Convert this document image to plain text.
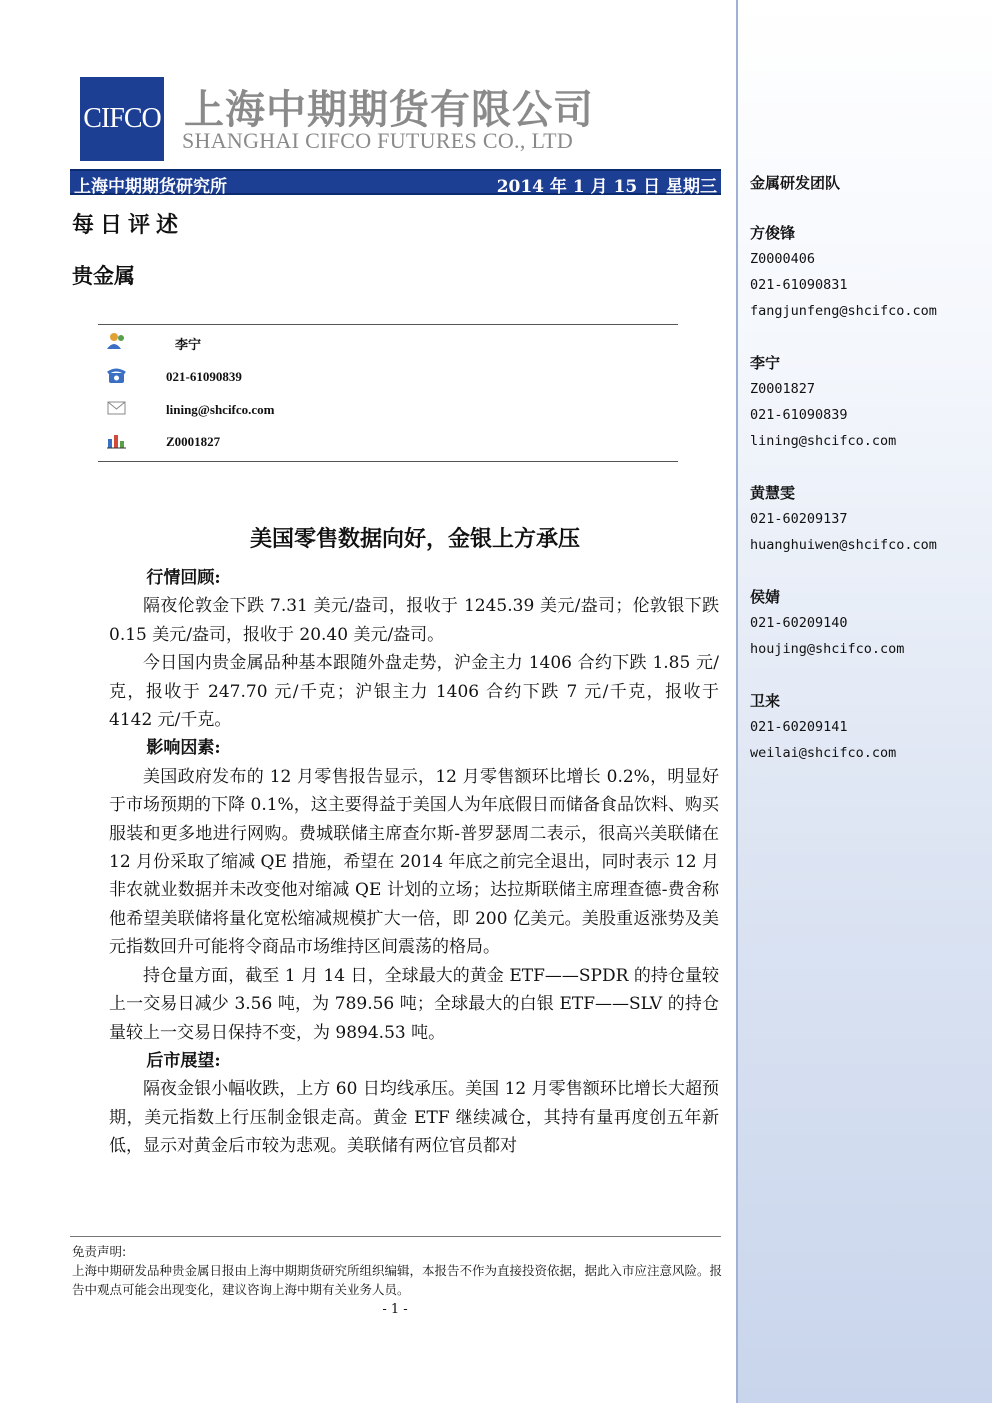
CIFCO 上海中期期货有限公司
SHANGHAI CIFCO FUTURES CO., LTD
上海中期期货研究所	2014 年 1 月 15 日 星期三
每日评述
贵金属
李宁
021-61090839
lining@shcifco.com
Z0001827
美国零售数据向好，金银上方承压

行情回顾:

隔夜伦敦金下跌 7.31 美元/盎司，报收于 1245.39 美元/盎司；伦敦银下跌 0.15 美元/盎司，报收于 20.40 美元/盎司。

今日国内贵金属品种基本跟随外盘走势，沪金主力 1406 合约下跌 1.85 元/克，报收于 247.70 元/千克；沪银主力 1406 合约下跌 7 元/千克，报收于 4142 元/千克。

影响因素:

美国政府发布的 12 月零售报告显示，12 月零售额环比增长 0.2%，明显好于市场预期的下降 0.1%，这主要得益于美国人为年底假日而储备食品饮料、购买服装和更多地进行网购。费城联储主席查尔斯-普罗瑟周二表示，很高兴美联储在 12 月份采取了缩减 QE 措施，希望在 2014 年底之前完全退出，同时表示 12 月非农就业数据并未改变他对缩减 QE 计划的立场；达拉斯联储主席理查德-费舍称他希望美联储将量化宽松缩减规模扩大一倍，即 200 亿美元。美股重返涨势及美元指数回升可能将令商品市场维持区间震荡的格局。

持仓量方面，截至 1 月 14 日，全球最大的黄金 ETF——SPDR 的持仓量较上一交易日减少 3.56 吨，为 789.56 吨；全球最大的白银 ETF——SLV 的持仓量较上一交易日保持不变，为 9894.53 吨。

后市展望:

隔夜金银小幅收跌，上方 60 日均线承压。美国 12 月零售额环比增长大超预期，美元指数上行压制金银走高。黄金 ETF 继续减仓，其持有量再度创五年新低，显示对黄金后市较为悲观。美联储有两位官员都对

免责声明:
上海中期研发品种贵金属日报由上海中期期货研究所组织编辑，本报告不作为直接投资依据，据此入市应注意风险。报告中观点可能会出现变化，建议咨询上海中期有关业务人员。
- 1 -
金属研发团队
方俊锋
Z0000406
021-61090831
fangjunfeng@shcifco.com
李宁
Z0001827
021-61090839
lining@shcifco.com
黄慧雯
021-60209137
huanghuiwen@shcifco.com
侯婧
021-60209140
houjing@shcifco.com
卫来
021-60209141
weilai@shcifco.com
